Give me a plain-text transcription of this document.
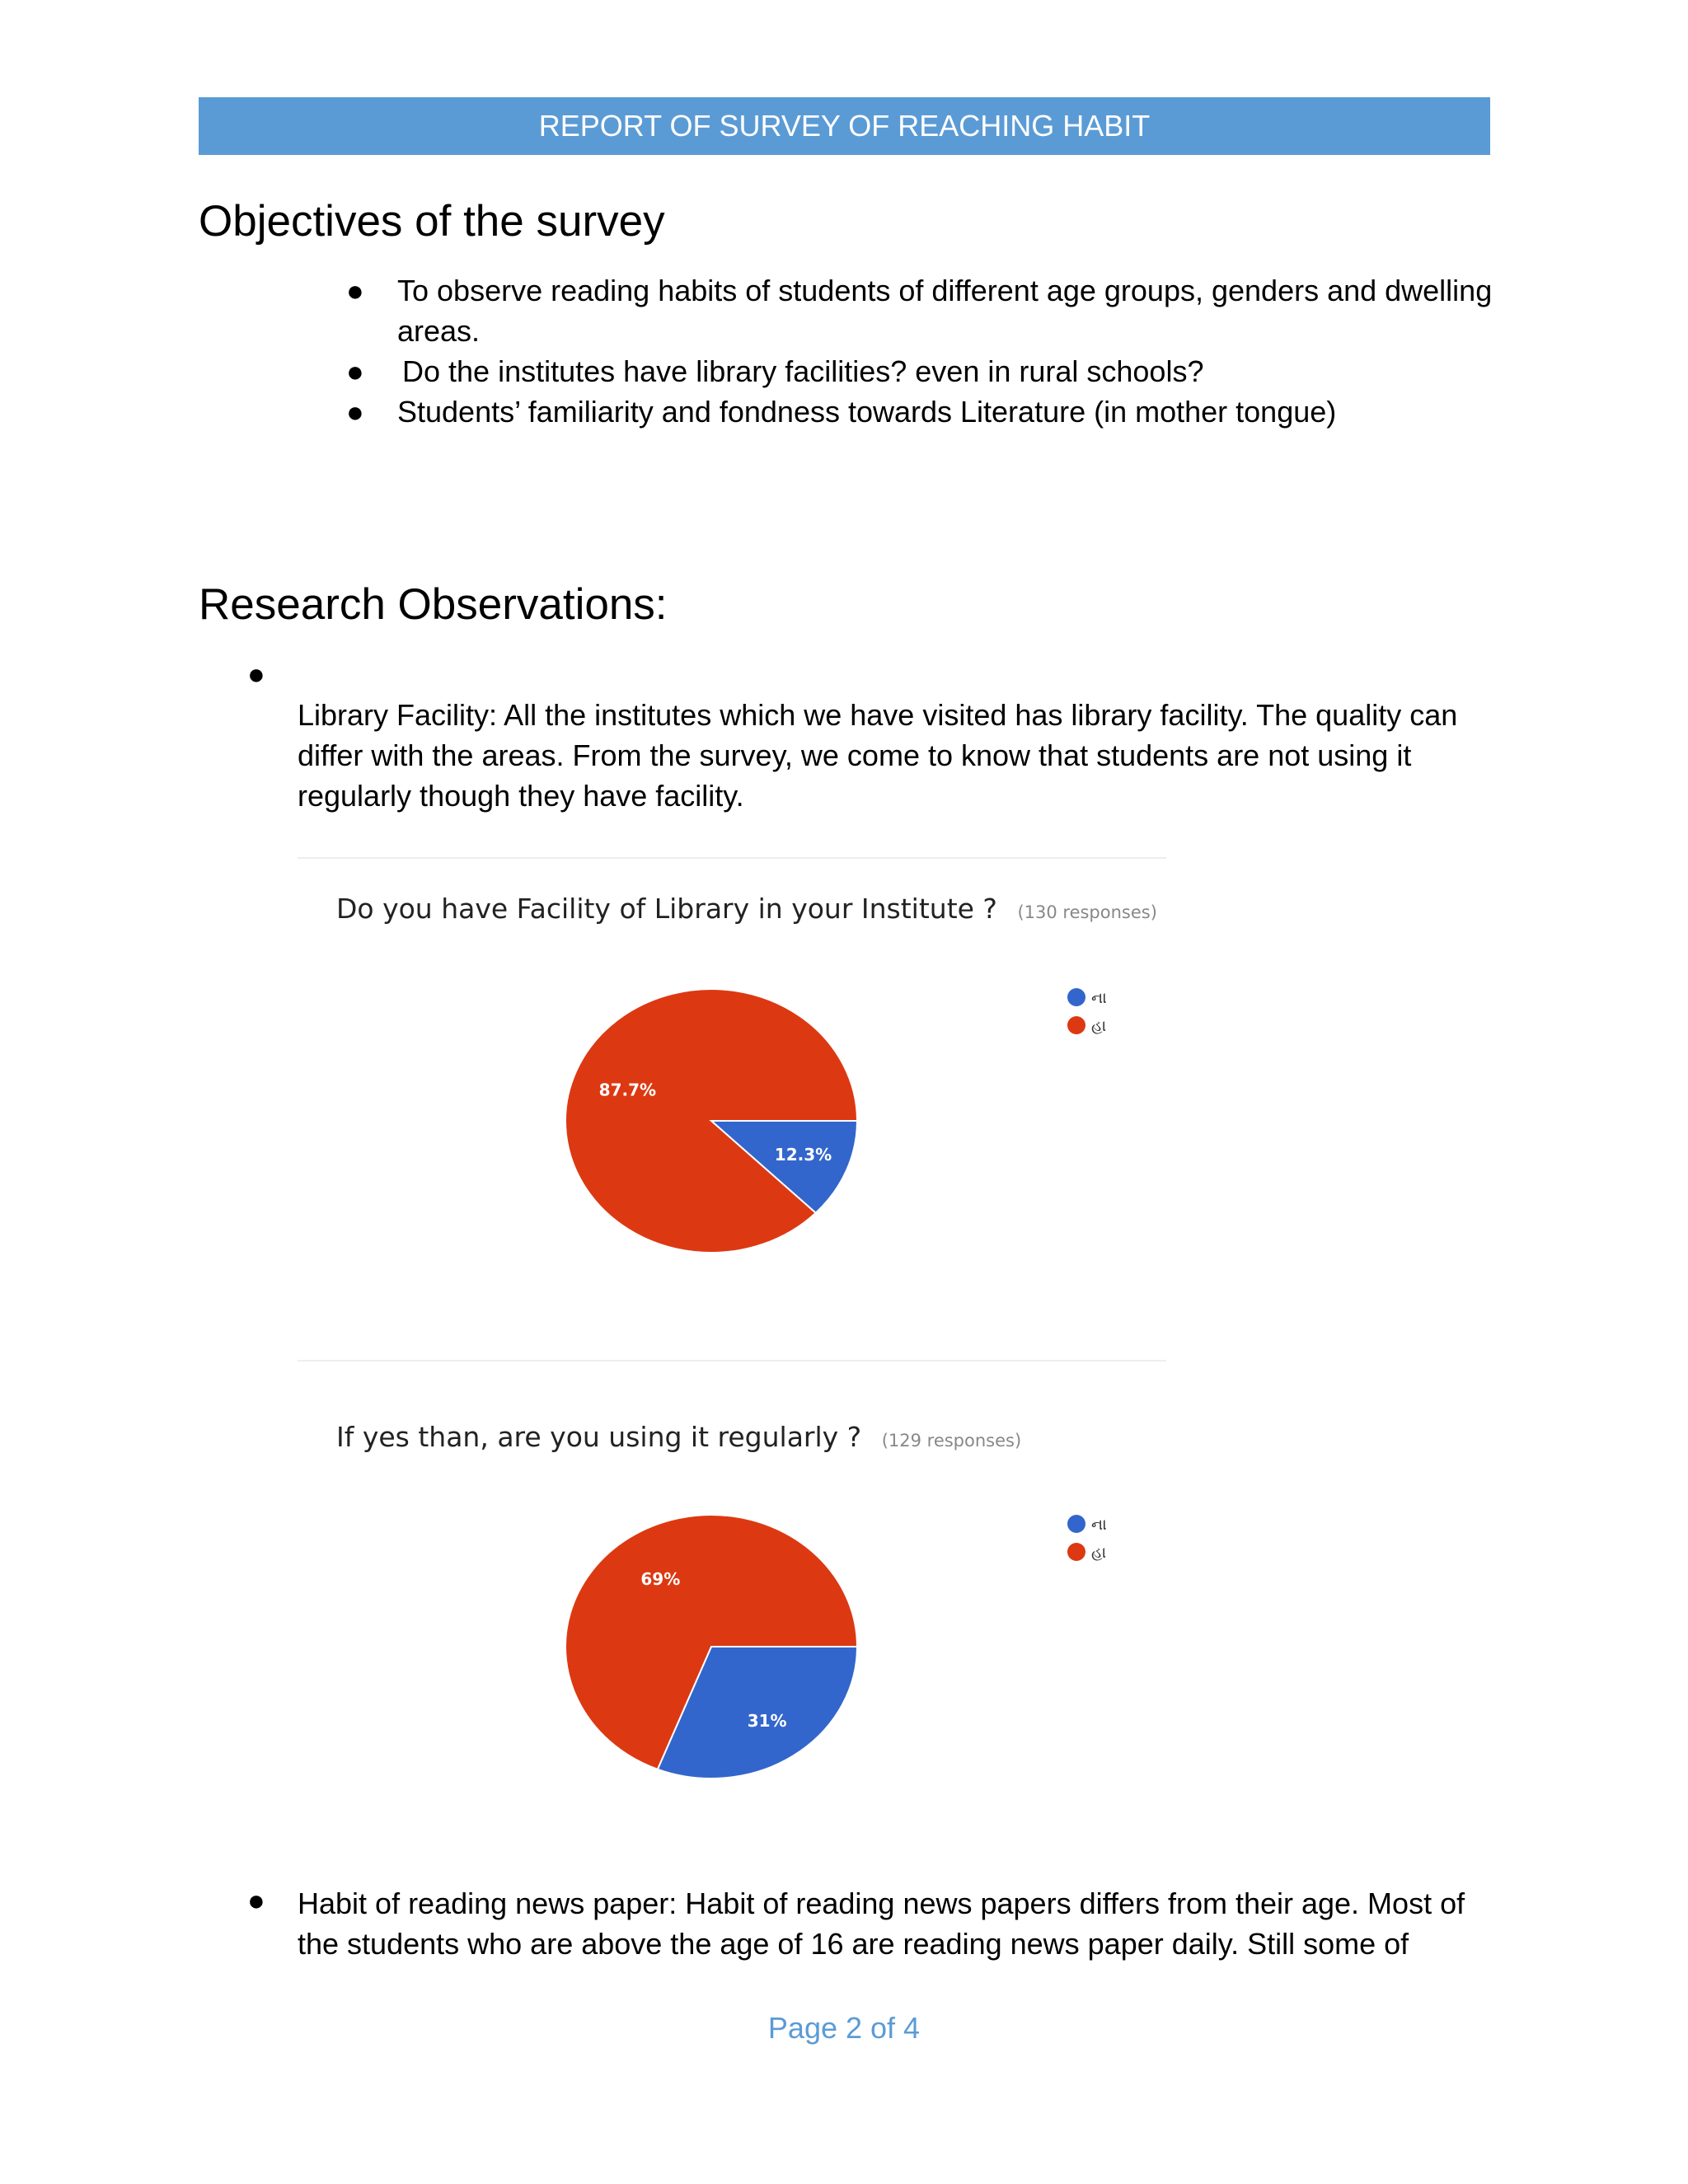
REPORT OF SURVEY OF REACHING HABIT
Objectives of the survey
● To observe reading habits of students of different age groups, genders and dwelling areas.
● Do the institutes have library facilities? even in rural schools?
● Students’ familiarity and fondness towards Literature (in mother tongue)
Research Observations:
●
Library Facility: All the institutes which we have visited has library facility. The quality can differ with the areas. From the survey, we come to know that students are not using it regularly though they have facility.
Do you have Facility of Library in your Institute ? (130 responses)
12.3%
87.7%
ના
હા
If yes than, are you using it regularly ? (129 responses)
31%
69%
ના
હા
● Habit of reading news paper: Habit of reading news papers differs from their age. Most of the students who are above the age of 16 are reading news paper daily. Still some of
Page 2 of 4
